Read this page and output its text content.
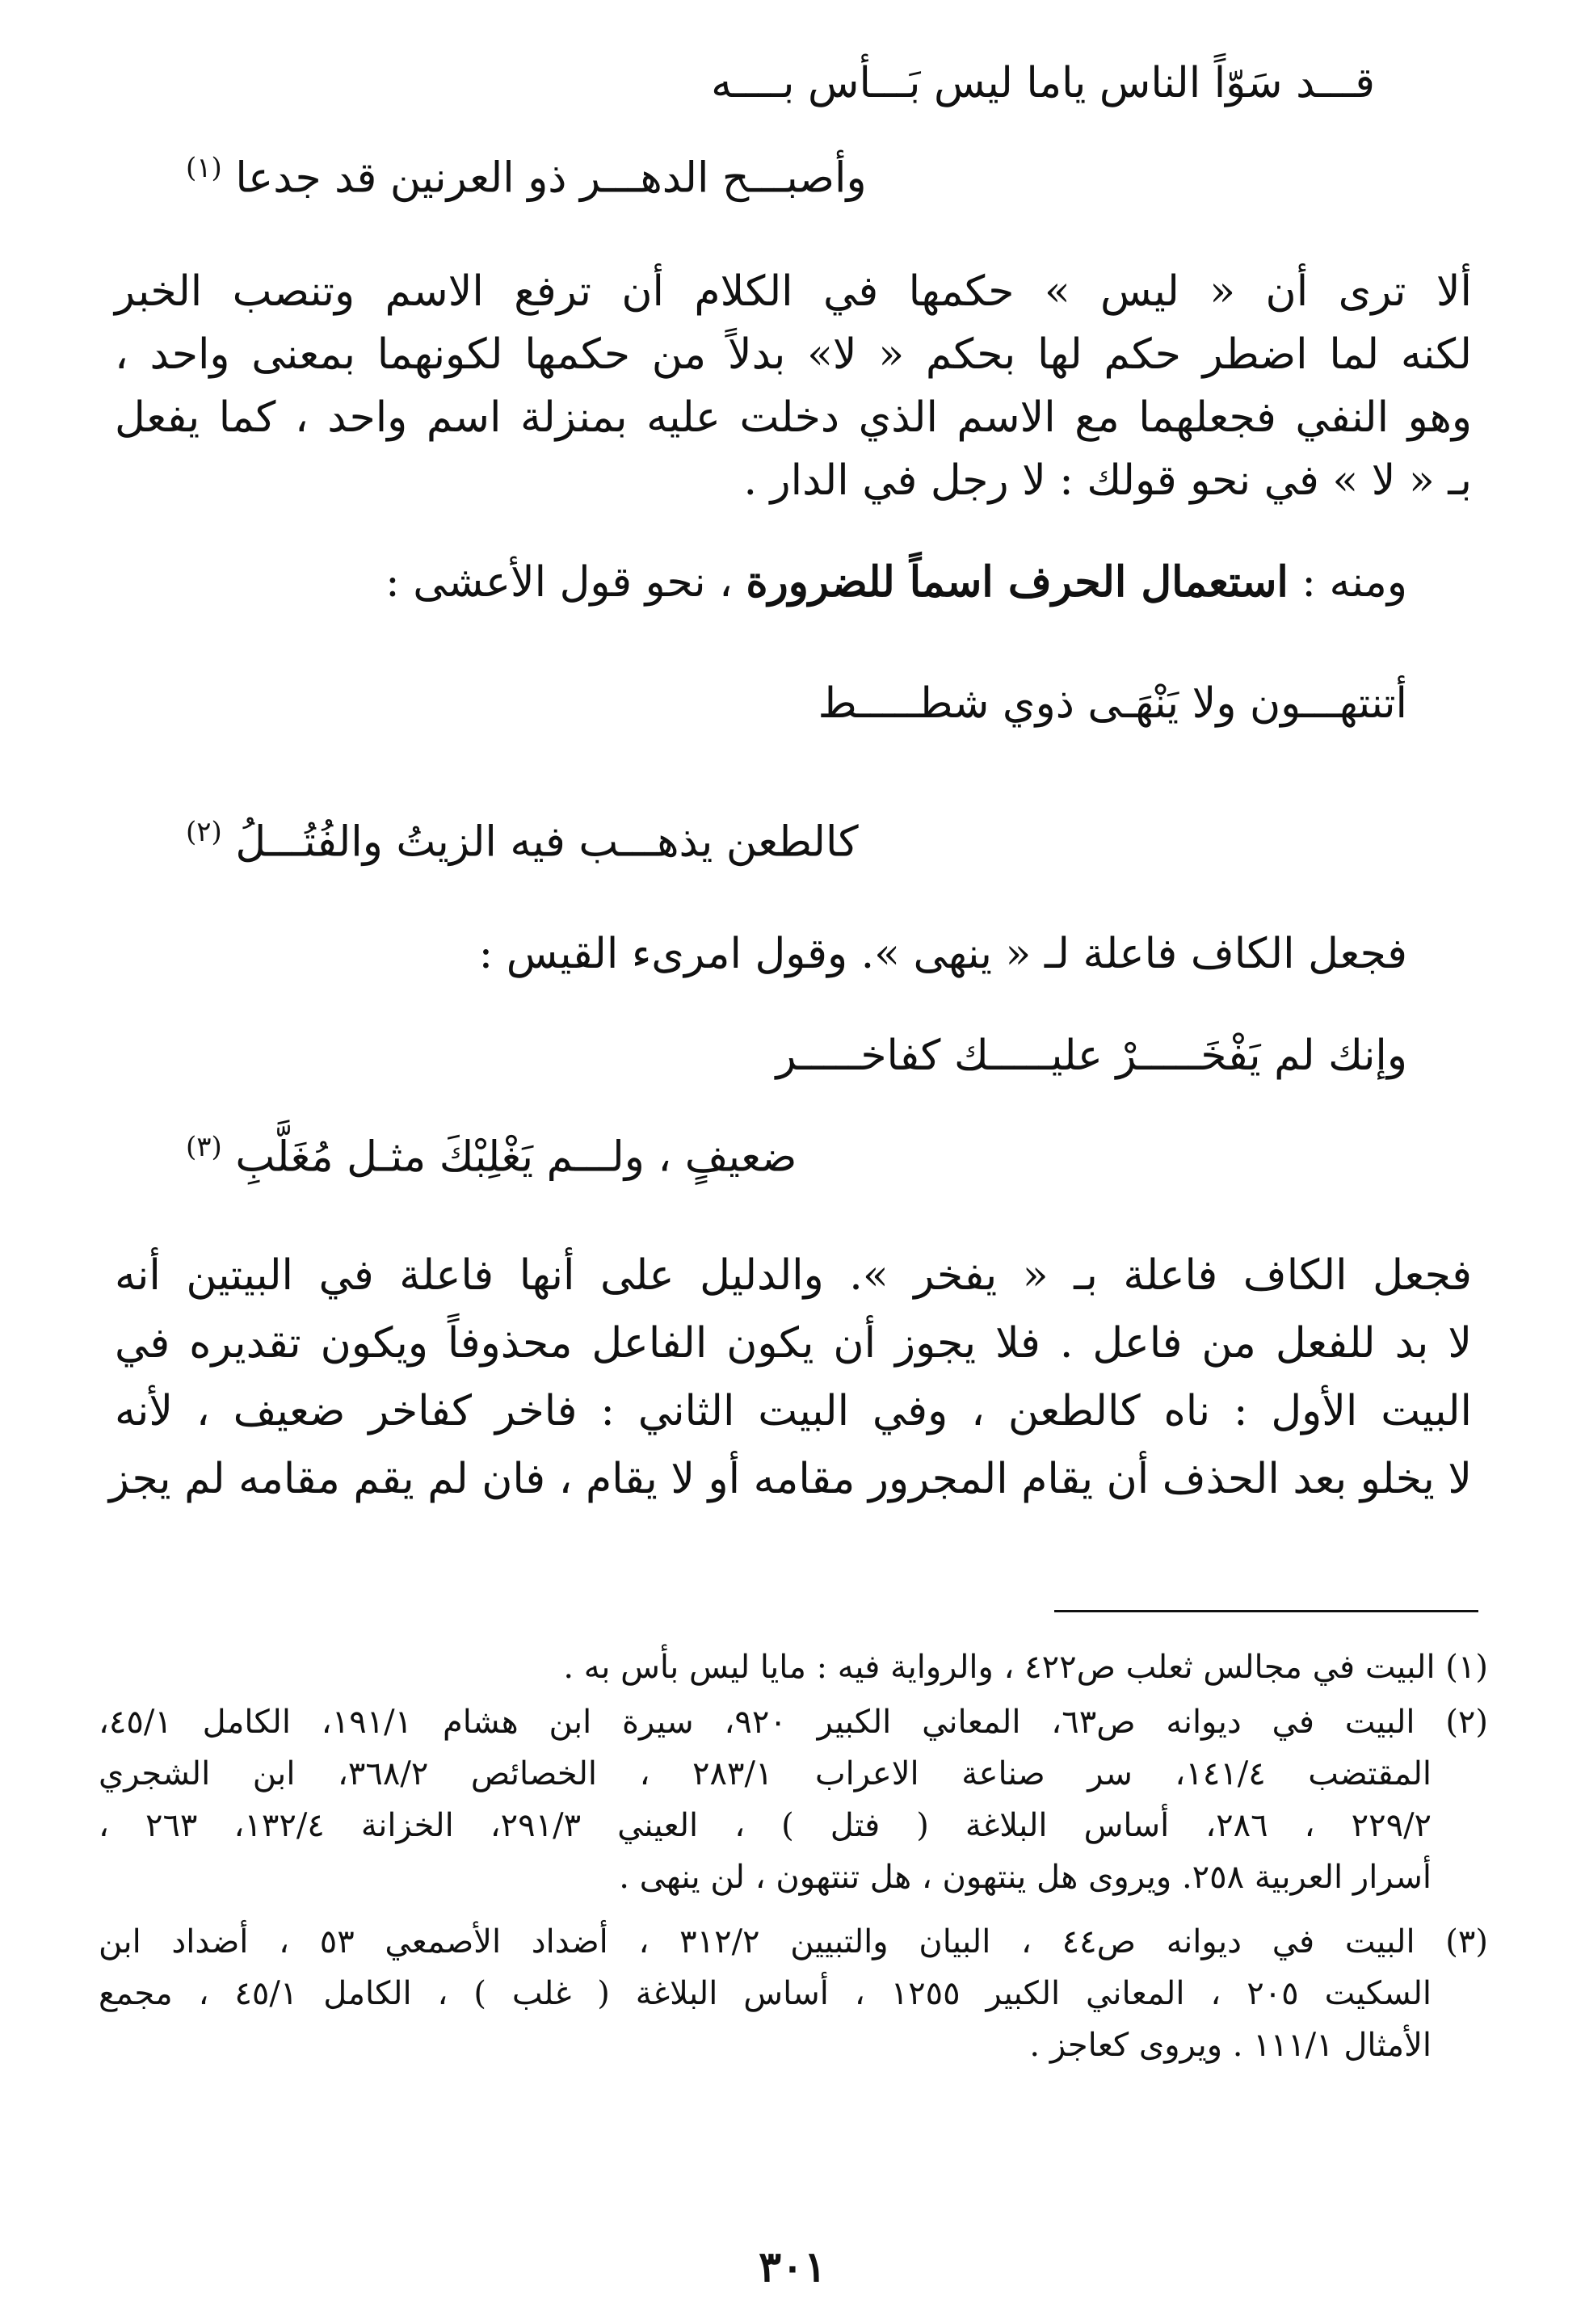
قـــد سَوّاً الناس ياما ليس بَـــأس بــــه

وأصبـــح الدهـــر ذو العرنين قد جدعا $^{(١)}$

ألا ترى أن « ليس » حكمها في الكلام أن ترفع الاسم وتنصب الخبر

لكنه لما اضطر حكم لها بحكم « لا» بدلاً من حكمها لكونهما بمعنى واحد ،

وهو النفي فجعلهما مع الاسم الذي دخلت عليه بمنزلة اسم واحد ، كما يفعل

بـ « لا » في نحو قولك : لا رجل في الدار .

ومنه : استعمال الحرف اسماً للضرورة ، نحو قول الأعشى :

أتنتهـــون ولا يَنْهَـى ذوي شطـــــط

كالطعن يذهـــب فيه الزيتُ والفُتُـــلُ $^{(٢)}$

فجعل الكاف فاعلة لـ « ينهى ». وقول امرىء القيس :

وإنك لم يَفْخَـــــرْ عليـــــك كفاخـــــر

ضعيفٍ ، ولـــم يَغْلِبْكَ مثـل مُغَلَّبِ $^{(٣)}$

فجعل الكاف فاعلة بـ « يفخر ». والدليل على أنها فاعلة في البيتين أنه

لا بد للفعل من فاعل . فلا يجوز أن يكون الفاعل محذوفاً ويكون تقديره في

البيت الأول : ناه كالطعن ، وفي البيت الثاني : فاخر كفاخر ضعيف ، لأنه

لا يخلو بعد الحذف أن يقام المجرور مقامه أو لا يقام ، فان لم يقم مقامه لم يجز

(١) البيت في مجالس ثعلب ص٤٢٢ ، والرواية فيه : مايا ليس بأس به .

(٢) البيت في ديوانه ص٦٣، المعاني الكبير ٩٢٠، سيرة ابن هشام ١٩١/١، الكامل ٤٥/١،

المقتضب ١٤١/٤، سر صناعة الاعراب ٢٨٣/١ ، الخصائص ٣٦٨/٢، ابن الشجري

٢٢٩/٢ ، ٢٨٦، أساس البلاغة ( فتل ) ، العيني ٢٩١/٣، الخزانة ١٣٢/٤، ٢٦٣ ،

أسرار العربية ٢٥٨. ويروى هل ينتهون ، هل تنتهون ، لن ينهى .

(٣) البيت في ديوانه ص٤٤ ، البيان والتبيين ٣١٢/٢ ، أضداد الأصمعي ٥٣ ، أضداد ابن

السكيت ٢٠٥ ، المعاني الكبير ١٢٥٥ ، أساس البلاغة ( غلب ) ، الكامل ٤٥/١ ، مجمع

الأمثال ١١١/١ . ويروى كعاجز .

٣٠١
